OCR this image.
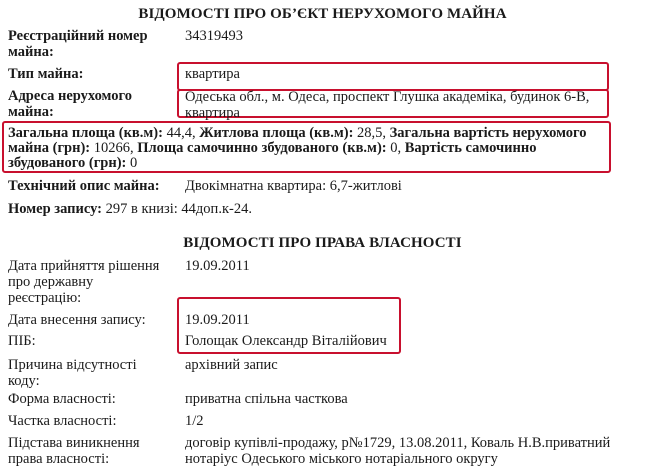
ВІДОМОСТІ ПРО ОБ’ЄКТ НЕРУХОМОГО МАЙНА
Реєстраційний номер
майна:
34319493
Тип майна:	квартира
Адреса нерухомого
майна:
Одеська обл., м. Одеса, проспект Глушка академіка, будинок 6-В,
квартира
Загальна площа (кв.м): 44,4, Житлова площа (кв.м): 28,5, Загальна вартість нерухомого
майна (грн): 10266, Площа самочинно збудованого (кв.м): 0, Вартість самочинно
збудованого (грн): 0
Технічний опис майна: Двокімнатна квартира: 6,7-житлові
Номер запису: 297 в книзі: 44доп.к-24.
ВІДОМОСТІ ПРО ПРАВА ВЛАСНОСТІ
Дата прийняття рішення
про державну
реєстрацію:
19.09.2011
Дата внесення запису:	19.09.2011
ПІБ:	Голощак Олександр Віталійович
Причина відсутності
коду:
архівний запис
Форма власності:	приватна спільна часткова
Частка власності:	1/2
Підстава виникнення
права власності:
договір купівлі-продажу, р№1729, 13.08.2011, Коваль Н.В.приватний
нотаріус Одеського міського нотаріального округу
